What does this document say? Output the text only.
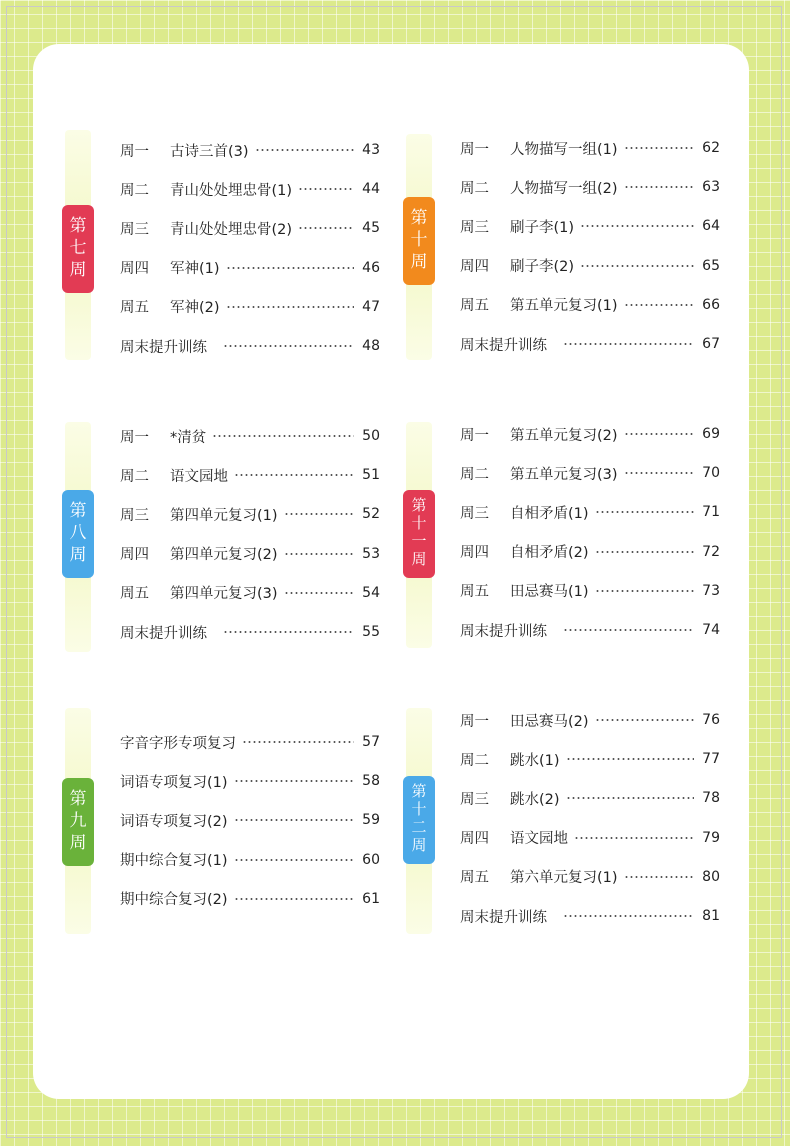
第
七
周
周一	古诗三首(3)	43
周二	青山处处埋忠骨(1)	44
周三	青山处处埋忠骨(2)	45
周四	军神(1)	46
周五	军神(2)	47
周末提升训练	48
第
八
周
周一	*清贫	50
周二	语文园地	51
周三	第四单元复习(1)	52
周四	第四单元复习(2)	53
周五	第四单元复习(3)	54
周末提升训练	55
第
九
周
字音字形专项复习	57
词语专项复习(1)	58
词语专项复习(2)	59
期中综合复习(1)	60
期中综合复习(2)	61
第
十
周
周一	人物描写一组(1)	62
周二	人物描写一组(2)	63
周三	刷子李(1)	64
周四	刷子李(2)	65
周五	第五单元复习(1)	66
周末提升训练	67
第
十
一
周
周一	第五单元复习(2)	69
周二	第五单元复习(3)	70
周三	自相矛盾(1)	71
周四	自相矛盾(2)	72
周五	田忌赛马(1)	73
周末提升训练	74
第
十
二
周
周一	田忌赛马(2)	76
周二	跳水(1)	77
周三	跳水(2)	78
周四	语文园地	79
周五	第六单元复习(1)	80
周末提升训练	81
